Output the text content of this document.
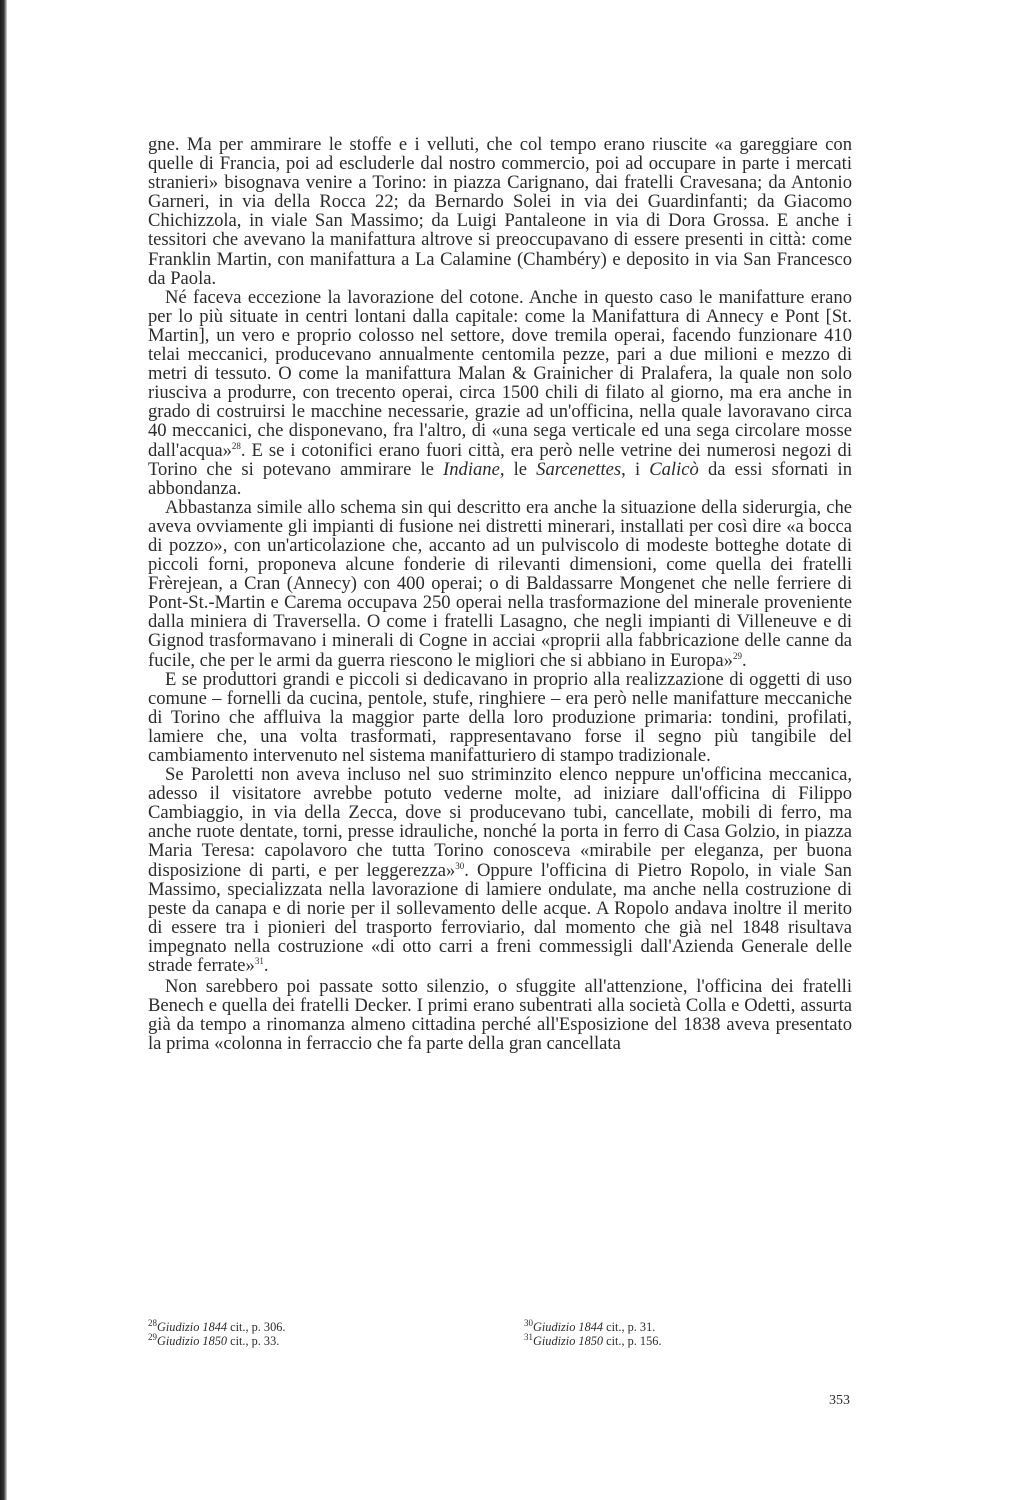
gne. Ma per ammirare le stoffe e i velluti, che col tempo erano riuscite «a gareggiare con quelle di Francia, poi ad escluderle dal nostro commercio, poi ad occupare in parte i mercati stranieri» bisognava venire a Torino: in piazza Carignano, dai fratelli Cravesana; da Antonio Garneri, in via della Rocca 22; da Bernardo Solei in via dei Guardinfanti; da Giacomo Chichizzola, in viale San Massimo; da Luigi Pantaleone in via di Dora Grossa. E anche i tessitori che avevano la manifattura altrove si preoccupavano di essere presenti in città: come Franklin Martin, con manifattura a La Calamine (Chambéry) e deposito in via San Francesco da Paola.

Né faceva eccezione la lavorazione del cotone. Anche in questo caso le manifatture erano per lo più situate in centri lontani dalla capitale: come la Manifattura di Annecy e Pont [St. Martin], un vero e proprio colosso nel settore, dove tremila operai, facendo funzionare 410 telai meccanici, producevano annualmente centomila pezze, pari a due milioni e mezzo di metri di tessuto. O come la manifattura Malan & Grainicher di Pralafera, la quale non solo riusciva a produrre, con trecento operai, circa 1500 chili di filato al giorno, ma era anche in grado di costruirsi le macchine necessarie, grazie ad un'officina, nella quale lavoravano circa 40 meccanici, che disponevano, fra l'altro, di «una sega verticale ed una sega circolare mosse dall'acqua»$^{28}$. E se i cotonifici erano fuori città, era però nelle vetrine dei numerosi negozi di Torino che si potevano ammirare le Indiane, le Sarcenettes, i Calicò da essi sfornati in abbondanza.

Abbastanza simile allo schema sin qui descritto era anche la situazione della siderurgia, che aveva ovviamente gli impianti di fusione nei distretti minerari, installati per così dire «a bocca di pozzo», con un'articolazione che, accanto ad un pulviscolo di modeste botteghe dotate di piccoli forni, proponeva alcune fonderie di rilevanti dimensioni, come quella dei fratelli Frèrejean, a Cran (Annecy) con 400 operai; o di Baldassarre Mongenet che nelle ferriere di Pont-St.-Martin e Carema occupava 250 operai nella trasformazione del minerale proveniente dalla miniera di Traversella. O come i fratelli Lasagno, che negli impianti di Villeneuve e di Gignod trasformavano i minerali di Cogne in acciai «proprii alla fabbricazione delle canne da fucile, che per le armi da guerra riescono le migliori che si abbiano in Europa»$^{29}$.

E se produttori grandi e piccoli si dedicavano in proprio alla realizzazione di oggetti di uso comune – fornelli da cucina, pentole, stufe, ringhiere – era però nelle manifatture meccaniche di Torino che affluiva la maggior parte della loro produzione primaria: tondini, profilati, lamiere che, una volta trasformati, rappresentavano forse il segno più tangibile del cambiamento intervenuto nel sistema manifatturiero di stampo tradizionale.

Se Paroletti non aveva incluso nel suo striminzito elenco neppure un'officina meccanica, adesso il visitatore avrebbe potuto vederne molte, ad iniziare dall'officina di Filippo Cambiaggio, in via della Zecca, dove si producevano tubi, cancellate, mobili di ferro, ma anche ruote dentate, torni, presse idrauliche, nonché la porta in ferro di Casa Golzio, in piazza Maria Teresa: capolavoro che tutta Torino conosceva «mirabile per eleganza, per buona disposizione di parti, e per leggerezza»$^{30}$. Oppure l'officina di Pietro Ropolo, in viale San Massimo, specializzata nella lavorazione di lamiere ondulate, ma anche nella costruzione di peste da canapa e di norie per il sollevamento delle acque. A Ropolo andava inoltre il merito di essere tra i pionieri del trasporto ferroviario, dal momento che già nel 1848 risultava impegnato nella costruzione «di otto carri a freni commessigli dall'Azienda Generale delle strade ferrate»$^{31}$.

Non sarebbero poi passate sotto silenzio, o sfuggite all'attenzione, l'officina dei fratelli Benech e quella dei fratelli Decker. I primi erano subentrati alla società Colla e Odetti, assurta già da tempo a rinomanza almeno cittadina perché all'Esposizione del 1838 aveva presentato la prima «colonna in ferraccio che fa parte della gran cancellata

$^{28}$Giudizio 1844 cit., p. 306.
$^{29}$Giudizio 1850 cit., p. 33.
$^{30}$Giudizio 1844 cit., p. 31.
$^{31}$Giudizio 1850 cit., p. 156.
353
